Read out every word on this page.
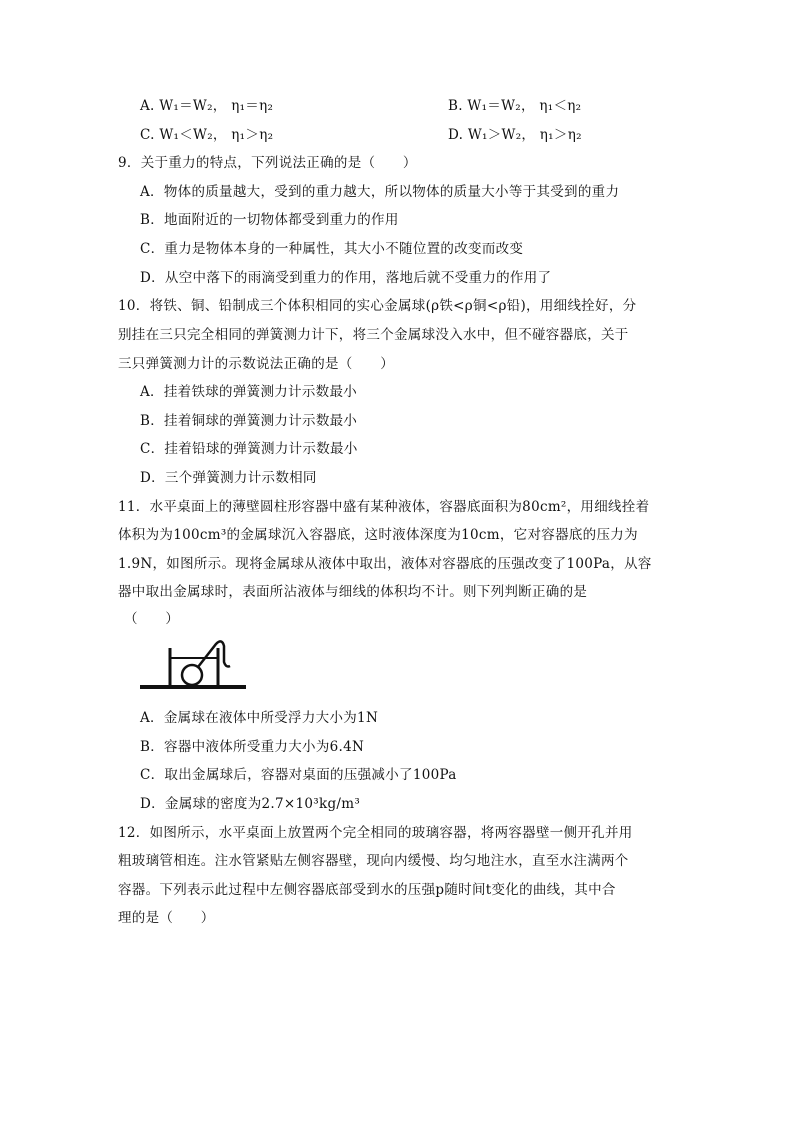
A. W₁＝W₂， η₁＝η₂	B. W₁＝W₂， η₁＜η₂
C. W₁＜W₂， η₁＞η₂	D. W₁＞W₂， η₁＞η₂
9．关于重力的特点，下列说法正确的是（　　）
A．物体的质量越大，受到的重力越大，所以物体的质量大小等于其受到的重力
B．地面附近的一切物体都受到重力的作用
C．重力是物体本身的一种属性，其大小不随位置的改变而改变
D．从空中落下的雨滴受到重力的作用，落地后就不受重力的作用了
10．将铁、铜、铅制成三个体积相同的实心金属球(ρ铁<ρ铜<ρ铅)，用细线拴好，分
别挂在三只完全相同的弹簧测力计下，将三个金属球没入水中，但不碰容器底，关于
三只弹簧测力计的示数说法正确的是（　　）
A．挂着铁球的弹簧测力计示数最小
B．挂着铜球的弹簧测力计示数最小
C．挂着铅球的弹簧测力计示数最小
D．三个弹簧测力计示数相同
11．水平桌面上的薄壁圆柱形容器中盛有某种液体，容器底面积为80cm²，用细线拴着
体积为为100cm³的金属球沉入容器底，这时液体深度为10cm，它对容器底的压力为
1.9N，如图所示。现将金属球从液体中取出，液体对容器底的压强改变了100Pa，从容
器中取出金属球时，表面所沾液体与细线的体积均不计。则下列判断正确的是
（　　）
A．金属球在液体中所受浮力大小为1N
B．容器中液体所受重力大小为6.4N
C．取出金属球后，容器对桌面的压强减小了100Pa
D．金属球的密度为2.7×10³kg/m³
12．如图所示，水平桌面上放置两个完全相同的玻璃容器，将两容器壁一侧开孔并用
粗玻璃管相连。注水管紧贴左侧容器壁，现向内缓慢、均匀地注水，直至水注满两个
容器。下列表示此过程中左侧容器底部受到水的压强p随时间t变化的曲线，其中合
理的是（　　）
